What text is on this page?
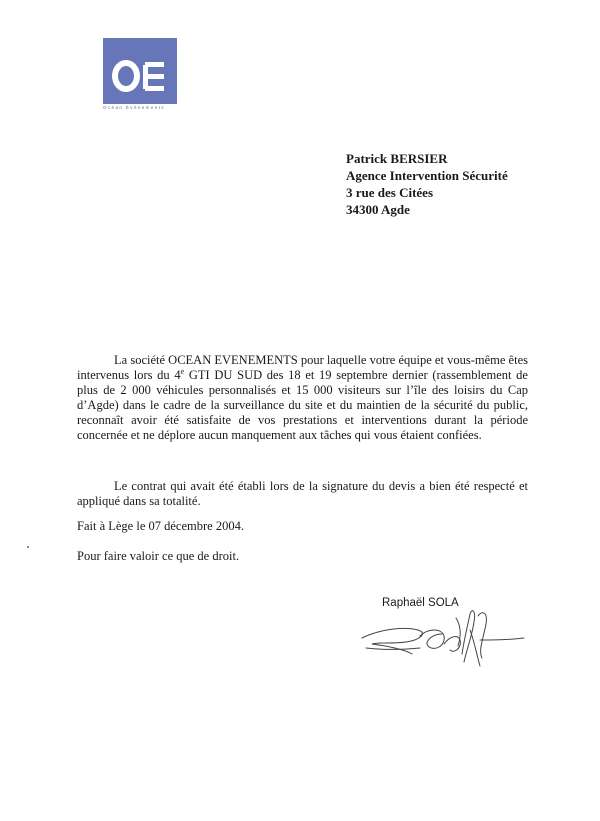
Océan Événements
Patrick BERSIER
Agence Intervention Sécurité
3 rue des Citées
34300 Agde
La société OCEAN EVENEMENTS pour laquelle votre équipe et vous-même êtes intervenus lors du 4e GTI DU SUD des 18 et 19 septembre dernier (rassemblement de plus de 2 000 véhicules personnalisés et 15 000 visiteurs sur l’île des loisirs du Cap d’Agde) dans le cadre de la surveillance du site et du maintien de la sécurité du public, reconnaît avoir été satisfaite de vos prestations et interventions durant la période concernée et ne déplore aucun manquement aux tâches qui vous étaient confiées.
Le contrat qui avait été établi lors de la signature du devis a bien été respecté et appliqué dans sa totalité.
Fait à Lège le 07 décembre 2004.
Pour faire valoir ce que de droit.
Raphaël SOLA
